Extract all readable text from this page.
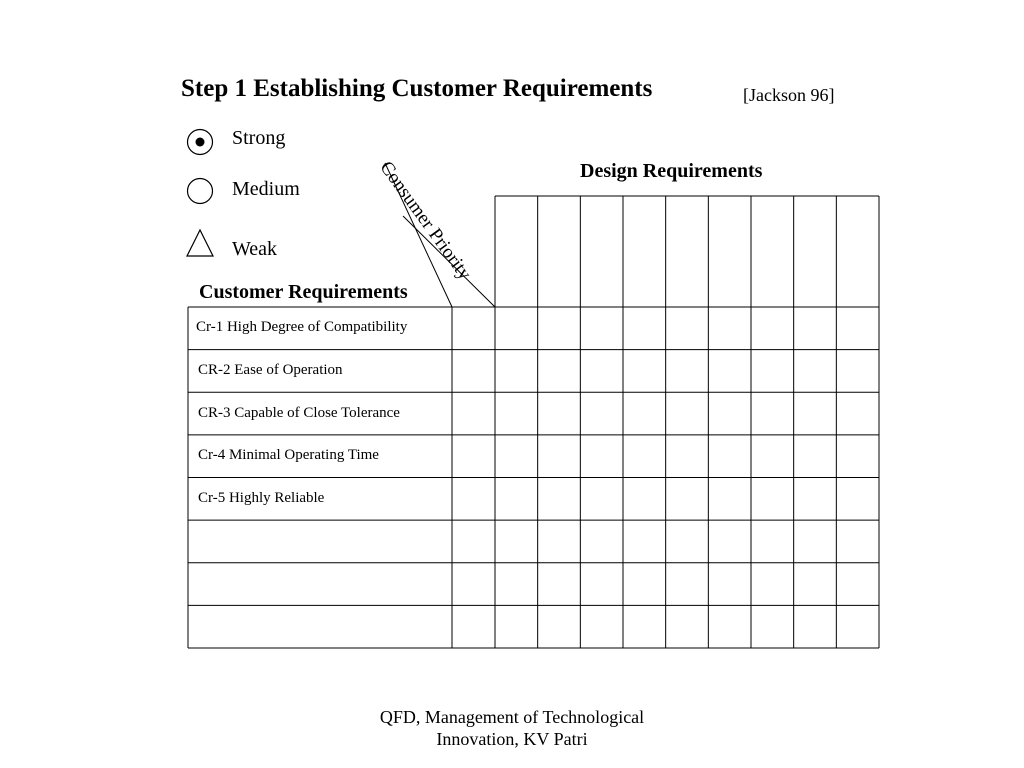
Step 1 Establishing Customer Requirements	[Jackson 96]
Strong
Medium
Weak
Design Requirements
Customer Requirements
Consumer Priority
Cr-1 High Degree of Compatibility
CR-2 Ease of Operation
CR-3 Capable of Close Tolerance
Cr-4 Minimal Operating Time
Cr-5 Highly Reliable
QFD, Management of Technological
Innovation, KV Patri
